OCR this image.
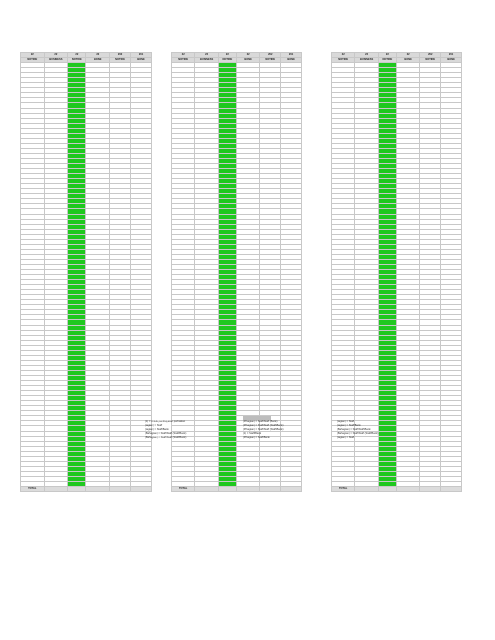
22	22	22	22	202	201
NOTIDE	BUSINESS	NOTIDE	BONE	NOTIDE	BONE

TOTAL					
22	22	22	22	202	201
NOTIDE	BUSINESS	NOTIDE	BONE	NOTIDE	BONE

TOTAL					
22	22	22	22	202	201
NOTIDE	BUSINESS	NOTIDE	BONE	NOTIDE	BONE

TOTAL					
(1) = Untuk pembayaran perbaikan
(tagian) = Staff
(tagian) = Staff/Bank
(Bahagian) = Staff/Staff (Staff/Bank)
(Bahagian) = Staff/Staff (Staff/Bank)
(Pihagian) = Staff/Staff (Bank)
(Pihagian) = Staff/Staff (Staff/Bank)
(Pihagian) = Staff/Staff (Staff/Bank)
(1) = Staff/Bank
(Pihagian) = Staff/Bank
(tagian) = Staff
(tagian) = Staff/Bank
(Bahagian) = Staff/Staff/Bank
(Bahagian) = Staff/Staff (Staff/Bank)
(tagian) = Staff
